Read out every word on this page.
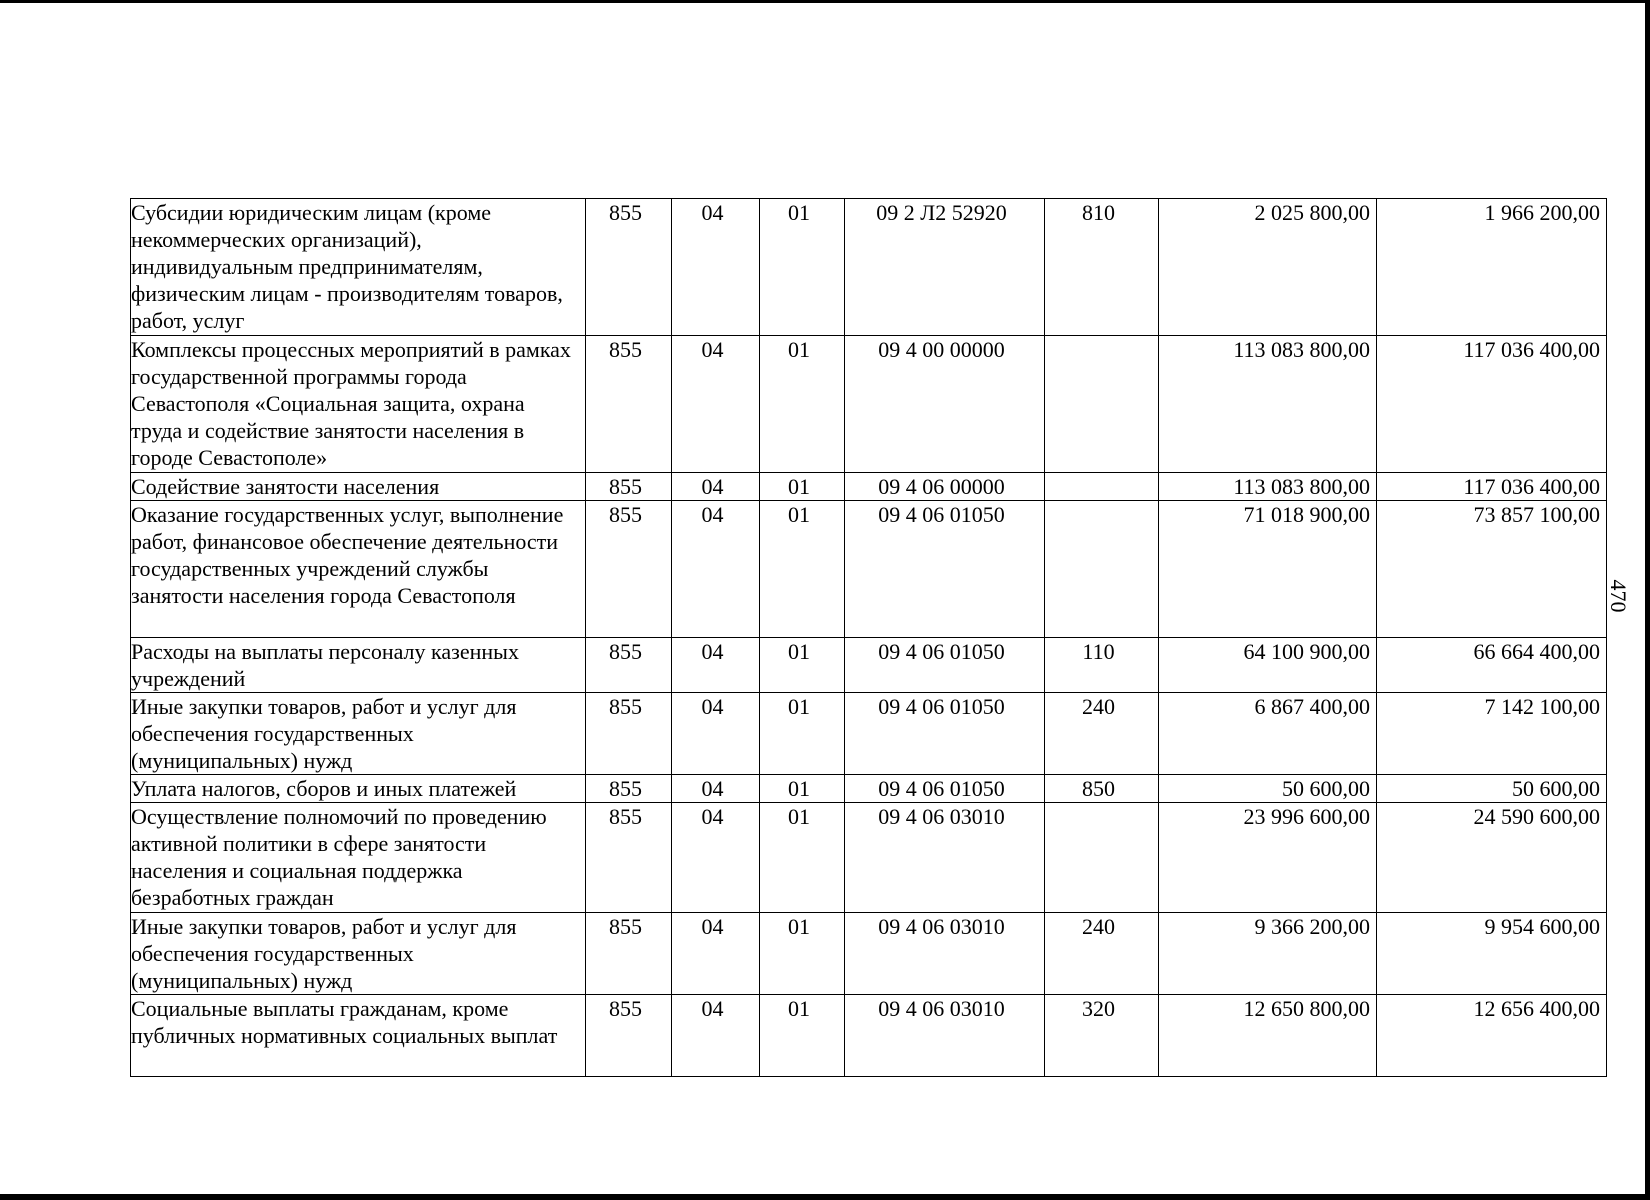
Субсидии юридическим лицам (кроме некоммерческих организаций), индивидуальным предпринимателям, физическим лицам - производителям товаров, работ, услуг	855	04	01	09 2 Л2 52920	810	2 025 800,00	1 966 200,00
Комплексы процессных мероприятий в рамках государственной программы города Севастополя «Социальная защита, охрана труда и содействие занятости населения в городе Севастополе»	855	04	01	09 4 00 00000		113 083 800,00	117 036 400,00
Содействие занятости населения	855	04	01	09 4 06 00000		113 083 800,00	117 036 400,00
Оказание государственных услуг, выполнение работ, финансовое обеспечение деятельности государственных учреждений службы занятости населения города Севастополя	855	04	01	09 4 06 01050		71 018 900,00	73 857 100,00
Расходы на выплаты персоналу казенных учреждений	855	04	01	09 4 06 01050	110	64 100 900,00	66 664 400,00
Иные закупки товаров, работ и услуг для обеспечения государственных (муниципальных) нужд	855	04	01	09 4 06 01050	240	6 867 400,00	7 142 100,00
Уплата налогов, сборов и иных платежей	855	04	01	09 4 06 01050	850	50 600,00	50 600,00
Осуществление полномочий по проведению активной политики в сфере занятости населения и социальная поддержка безработных граждан	855	04	01	09 4 06 03010		23 996 600,00	24 590 600,00
Иные закупки товаров, работ и услуг для обеспечения государственных (муниципальных) нужд	855	04	01	09 4 06 03010	240	9 366 200,00	9 954 600,00
Социальные выплаты гражданам, кроме публичных нормативных социальных выплат	855	04	01	09 4 06 03010	320	12 650 800,00	12 656 400,00
470
